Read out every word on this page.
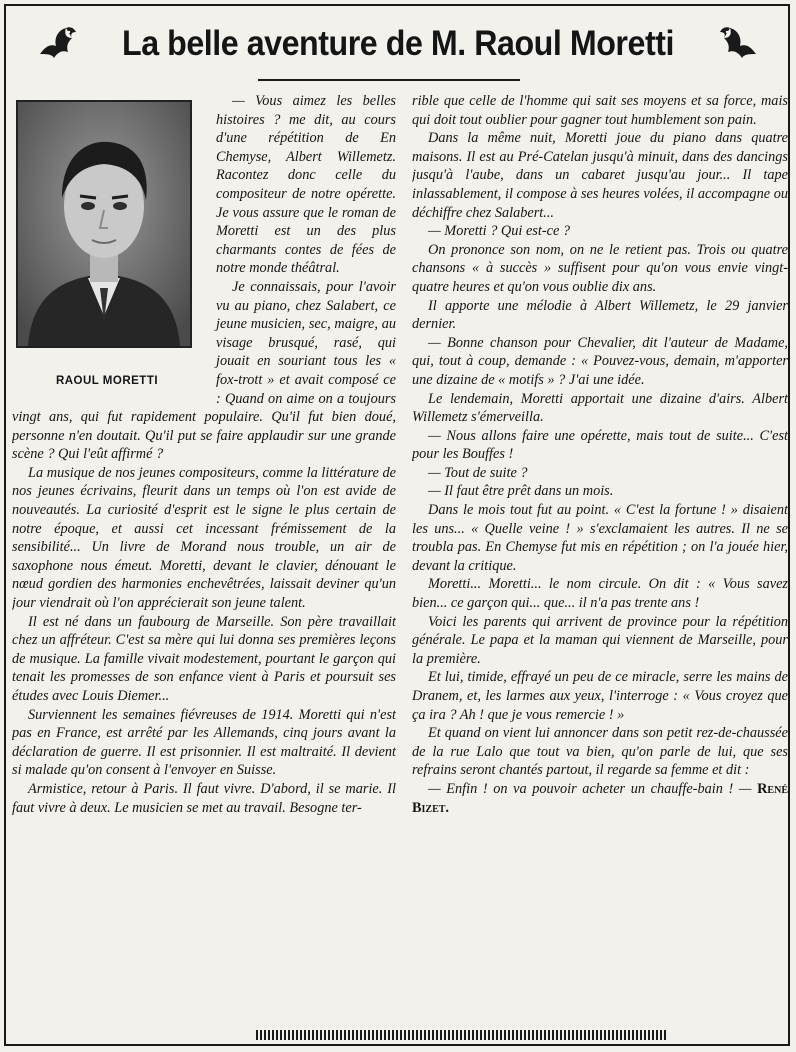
La belle aventure de M. Raoul Moretti
RAOUL MORETTI

— Vous aimez les belles histoires ? me dit, au cours d'une répétition de En Chemyse, Albert Willemetz. Racontez donc celle du compositeur de notre opérette. Je vous assure que le roman de Moretti est un des plus charmants contes de fées de notre monde théâtral.

Je connaissais, pour l'avoir vu au piano, chez Salabert, ce jeune musicien, sec, maigre, au visage brusqué, rasé, qui jouait en souriant tous les « fox-trott » et avait composé ce : Quand on aime on a toujours vingt ans, qui fut rapidement populaire. Qu'il fut bien doué, personne n'en doutait. Qu'il put se faire applaudir sur une grande scène ? Qui l'eût affirmé ?

La musique de nos jeunes compositeurs, comme la littérature de nos jeunes écrivains, fleurit dans un temps où l'on est avide de nouveautés. La curiosité d'esprit est le signe le plus certain de notre époque, et aussi cet incessant frémissement de la sensibilité... Un livre de Morand nous trouble, un air de saxophone nous émeut. Moretti, devant le clavier, dénouant le nœud gordien des harmonies enchevêtrées, laissait deviner qu'un jour viendrait où l'on apprécierait son jeune talent.

Il est né dans un faubourg de Marseille. Son père travaillait chez un affréteur. C'est sa mère qui lui donna ses premières leçons de musique. La famille vivait modestement, pourtant le garçon qui tenait les promesses de son enfance vient à Paris et poursuit ses études avec Louis Diemer...

Surviennent les semaines fiévreuses de 1914. Moretti qui n'est pas en France, est arrêté par les Allemands, cinq jours avant la déclaration de guerre. Il est prisonnier. Il est maltraité. Il devient si malade qu'on consent à l'envoyer en Suisse.

Armistice, retour à Paris. Il faut vivre. D'abord, il se marie. Il faut vivre à deux. Le musicien se met au travail. Besogne ter-

rible que celle de l'homme qui sait ses moyens et sa force, mais qui doit tout oublier pour gagner tout humblement son pain.

Dans la même nuit, Moretti joue du piano dans quatre maisons. Il est au Pré-Catelan jusqu'à minuit, dans des dancings jusqu'à l'aube, dans un cabaret jusqu'au jour... Il tape inlassablement, il compose à ses heures volées, il accompagne ou déchiffre chez Salabert...

— Moretti ? Qui est-ce ?

On prononce son nom, on ne le retient pas. Trois ou quatre chansons « à succès » suffisent pour qu'on vous envie vingt-quatre heures et qu'on vous oublie dix ans.

Il apporte une mélodie à Albert Willemetz, le 29 janvier dernier.

— Bonne chanson pour Chevalier, dit l'auteur de Madame, qui, tout à coup, demande : « Pouvez-vous, demain, m'apporter une dizaine de « motifs » ? J'ai une idée.

Le lendemain, Moretti apportait une dizaine d'airs. Albert Willemetz s'émerveilla.

— Nous allons faire une opérette, mais tout de suite... C'est pour les Bouffes !

— Tout de suite ?

— Il faut être prêt dans un mois.

Dans le mois tout fut au point. « C'est la fortune ! » disaient les uns... « Quelle veine ! » s'exclamaient les autres. Il ne se troubla pas. En Chemyse fut mis en répétition ; on l'a jouée hier, devant la critique.

Moretti... Moretti... le nom circule. On dit : « Vous savez bien... ce garçon qui... que... il n'a pas trente ans !

Voici les parents qui arrivent de province pour la répétition générale. Le papa et la maman qui viennent de Marseille, pour la première.

Et lui, timide, effrayé un peu de ce miracle, serre les mains de Dranem, et, les larmes aux yeux, l'interroge : « Vous croyez que ça ira ? Ah ! que je vous remercie ! »

Et quand on vient lui annoncer dans son petit rez-de-chaussée de la rue Lalo que tout va bien, qu'on parle de lui, que ses refrains seront chantés partout, il regarde sa femme et dit :

— Enfin ! on va pouvoir acheter un chauffe-bain ! — René Bizet.
